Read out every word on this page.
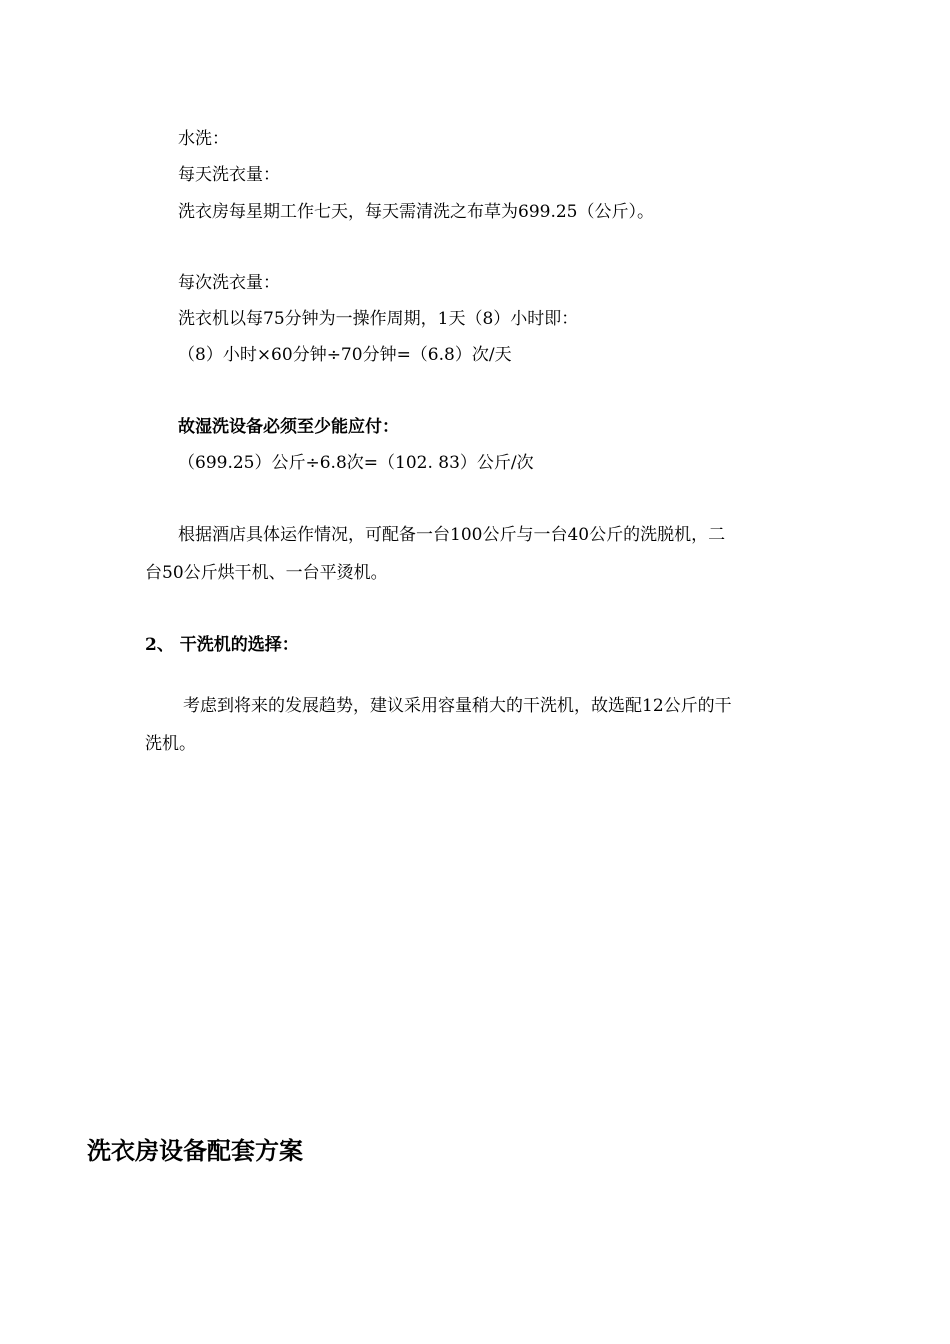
水洗：
每天洗衣量：
洗衣房每星期工作七天，每天需清洗之布草为699.25（公斤）。
每次洗衣量：
洗衣机以每75分钟为一操作周期，1天（8）小时即：
（8）小时×60分钟÷70分钟=（6.8）次/天
故湿洗设备必须至少能应付：
（699.25）公斤÷6.8次=（102. 83）公斤/次
根据酒店具体运作情况，可配备一台100公斤与一台40公斤的洗脱机，二
台50公斤烘干机、一台平烫机。
2、 干洗机的选择：
考虑到将来的发展趋势，建议采用容量稍大的干洗机，故选配12公斤的干
洗机。
洗衣房设备配套方案
